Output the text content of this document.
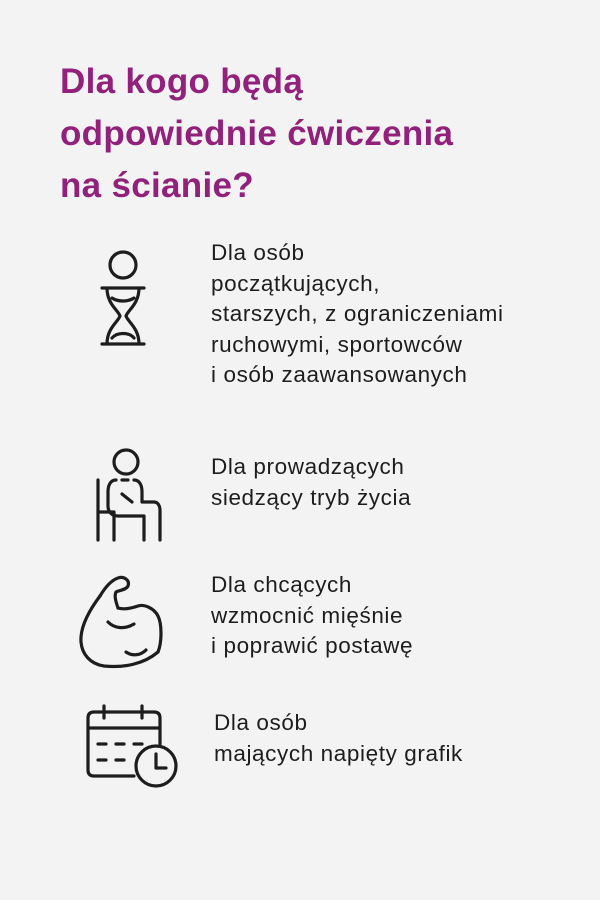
Dla kogo będą
odpowiednie ćwiczenia
na ścianie?
Dla osób
początkujących,
starszych, z ograniczeniami
ruchowymi, sportowców
i osób zaawansowanych
Dla prowadzących
siedzący tryb życia
Dla chcących
wzmocnić mięśnie
i poprawić postawę
Dla osób
mających napięty grafik
